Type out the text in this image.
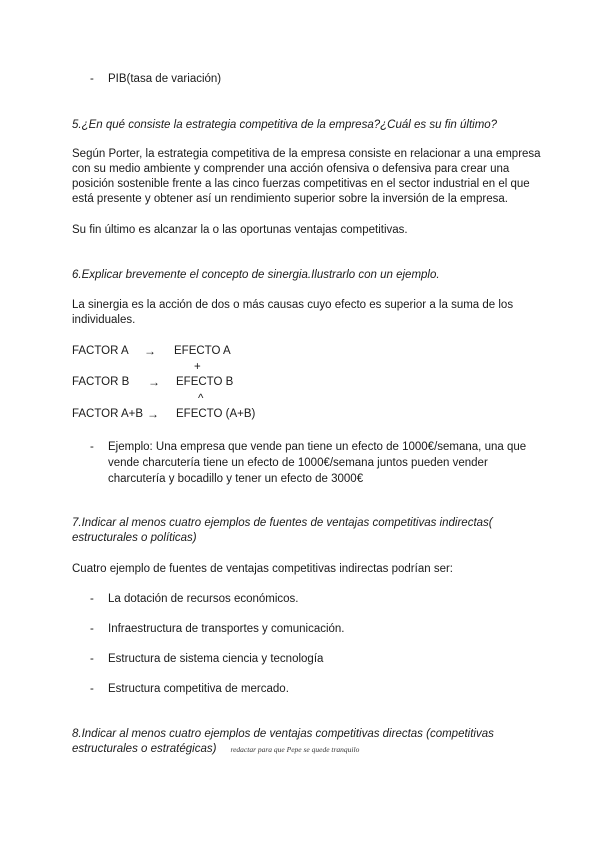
- PIB(tasa de variación)
5.¿En qué consiste la estrategia competitiva de la empresa?¿Cuál es su fin último?
Según Porter, la estrategia competitiva de la empresa consiste en relacionar a una empresa
con su medio ambiente y comprender una acción ofensiva o defensiva para crear una
posición sostenible frente a las cinco fuerzas competitivas en el sector industrial en el que
está presente y obtener así un rendimiento superior sobre la inversión de la empresa.
Su fin último es alcanzar la o las oportunas ventajas competitivas.
6.Explicar brevemente el concepto de sinergia.Ilustrarlo con un ejemplo.
La sinergia es la acción de dos o más causas cuyo efecto es superior a la suma de los
individuales.
FACTOR A → EFECTO A
+
FACTOR B → EFECTO B
^
FACTOR A+B → EFECTO (A+B)
- Ejemplo: Una empresa que vende pan tiene un efecto de 1000€/semana, una que
vende charcutería tiene un efecto de 1000€/semana juntos pueden vender
charcutería y bocadillo y tener un efecto de 3000€
7.Indicar al menos cuatro ejemplos de fuentes de ventajas competitivas indirectas(
estructurales o políticas)
Cuatro ejemplo de fuentes de ventajas competitivas indirectas podrían ser:
- La dotación de recursos económicos.
- Infraestructura de transportes y comunicación.
- Estructura de sistema ciencia y tecnología
- Estructura competitiva de mercado.
8.Indicar al menos cuatro ejemplos de ventajas competitivas directas (competitivas
estructurales o estratégicas) redactar para que Pepe se quede tranquilo
